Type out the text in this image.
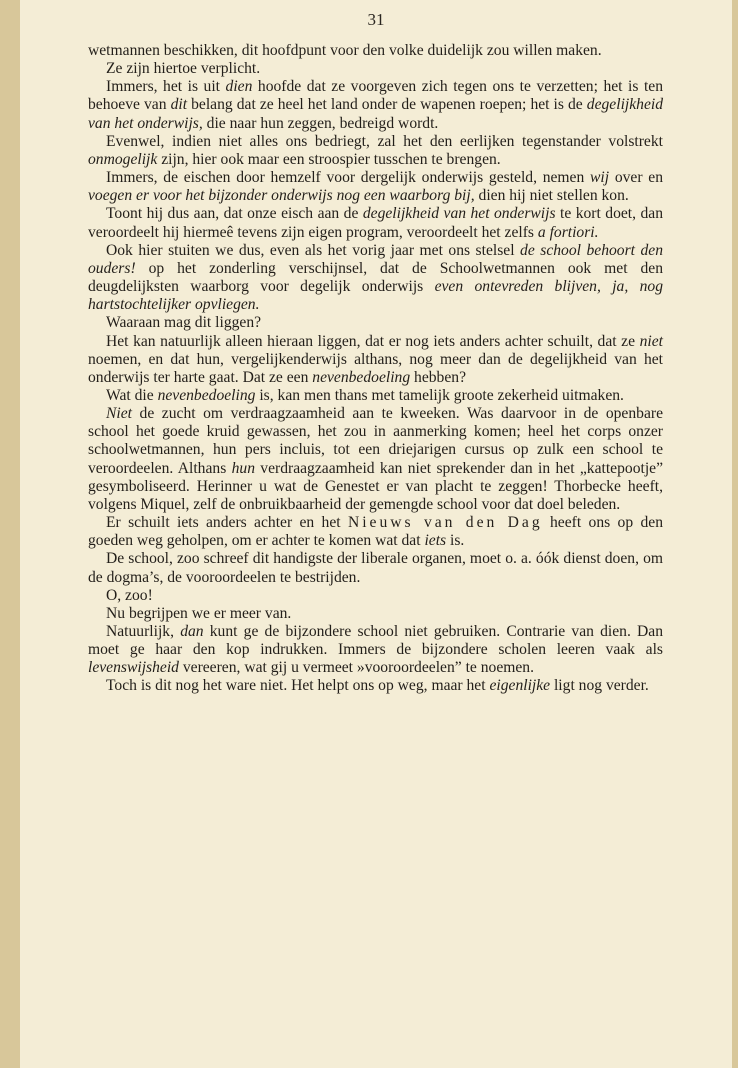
31

wetmannen beschikken, dit hoofdpunt voor den volke duidelijk zou willen maken.

Ze zijn hiertoe verplicht.

Immers, het is uit dien hoofde dat ze voorgeven zich tegen ons te verzetten; het is ten behoeve van dit belang dat ze heel het land onder de wapenen roepen; het is de degelijkheid van het onderwijs, die naar hun zeggen, bedreigd wordt.

Evenwel, indien niet alles ons bedriegt, zal het den eerlijken tegenstander volstrekt onmogelijk zijn, hier ook maar een stroospier tusschen te brengen.

Immers, de eischen door hemzelf voor dergelijk onderwijs gesteld, nemen wij over en voegen er voor het bijzonder onderwijs nog een waarborg bij, dien hij niet stellen kon.

Toont hij dus aan, dat onze eisch aan de degelijkheid van het onderwijs te kort doet, dan veroordeelt hij hiermeê tevens zijn eigen program, veroordeelt het zelfs a fortiori.

Ook hier stuiten we dus, even als het vorig jaar met ons stelsel de school behoort den ouders! op het zonderling verschijnsel, dat de Schoolwetmannen ook met den deugdelijksten waarborg voor degelijk onderwijs even ontevreden blijven, ja, nog hartstochtelijker opvliegen.

Waaraan mag dit liggen?

Het kan natuurlijk alleen hieraan liggen, dat er nog iets anders achter schuilt, dat ze niet noemen, en dat hun, vergelijkenderwijs althans, nog meer dan de degelijkheid van het onderwijs ter harte gaat. Dat ze een nevenbedoeling hebben?

Wat die nevenbedoeling is, kan men thans met tamelijk groote zekerheid uitmaken.

Niet de zucht om verdraagzaamheid aan te kweeken. Was daarvoor in de openbare school het goede kruid gewassen, het zou in aanmerking komen; heel het corps onzer schoolwetmannen, hun pers incluis, tot een driejarigen cursus op zulk een school te veroordeelen. Althans hun verdraagzaamheid kan niet sprekender dan in het „kattepootje” gesymboliseerd. Herinner u wat de Genestet er van placht te zeggen! Thorbecke heeft, volgens Miquel, zelf de onbruikbaarheid der gemengde school voor dat doel beleden.

Er schuilt iets anders achter en het Nieuws van den Dag heeft ons op den goeden weg geholpen, om er achter te komen wat dat iets is.

De school, zoo schreef dit handigste der liberale organen, moet o. a. óók dienst doen, om de dogma’s, de vooroordeelen te bestrijden.

O, zoo!

Nu begrijpen we er meer van.

Natuurlijk, dan kunt ge de bijzondere school niet gebruiken. Contrarie van dien. Dan moet ge haar den kop indrukken. Immers de bijzondere scholen leeren vaak als levenswijsheid vereeren, wat gij u vermeet »vooroordeelen” te noemen.

Toch is dit nog het ware niet. Het helpt ons op weg, maar het eigenlijke ligt nog verder.
